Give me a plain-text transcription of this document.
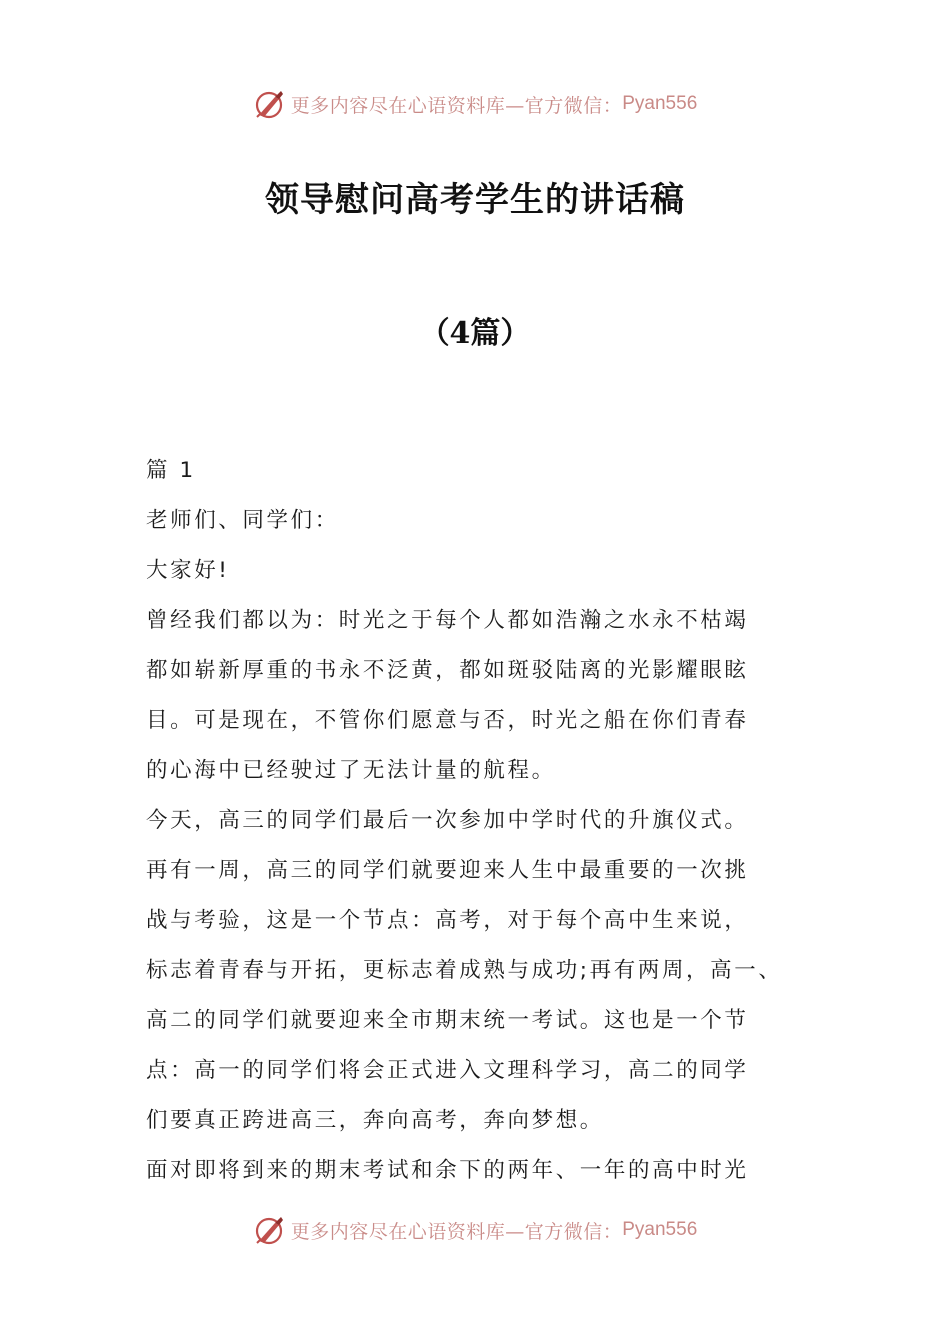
更多内容尽在心语资料库—官方微信： Pyan556
领导慰问高考学生的讲话稿
（4篇）
篇 1
老师们、同学们：
大家好!
曾经我们都以为：时光之于每个人都如浩瀚之水永不枯竭
都如崭新厚重的书永不泛黄，都如斑驳陆离的光影耀眼眩
目。可是现在，不管你们愿意与否，时光之船在你们青春
的心海中已经驶过了无法计量的航程。
今天，高三的同学们最后一次参加中学时代的升旗仪式。
再有一周，高三的同学们就要迎来人生中最重要的一次挑
战与考验，这是一个节点：高考，对于每个高中生来说，
标志着青春与开拓，更标志着成熟与成功;再有两周，高一、
高二的同学们就要迎来全市期末统一考试。这也是一个节
点：高一的同学们将会正式进入文理科学习，高二的同学
们要真正跨进高三，奔向高考，奔向梦想。
面对即将到来的期末考试和余下的两年、一年的高中时光
更多内容尽在心语资料库—官方微信： Pyan556
